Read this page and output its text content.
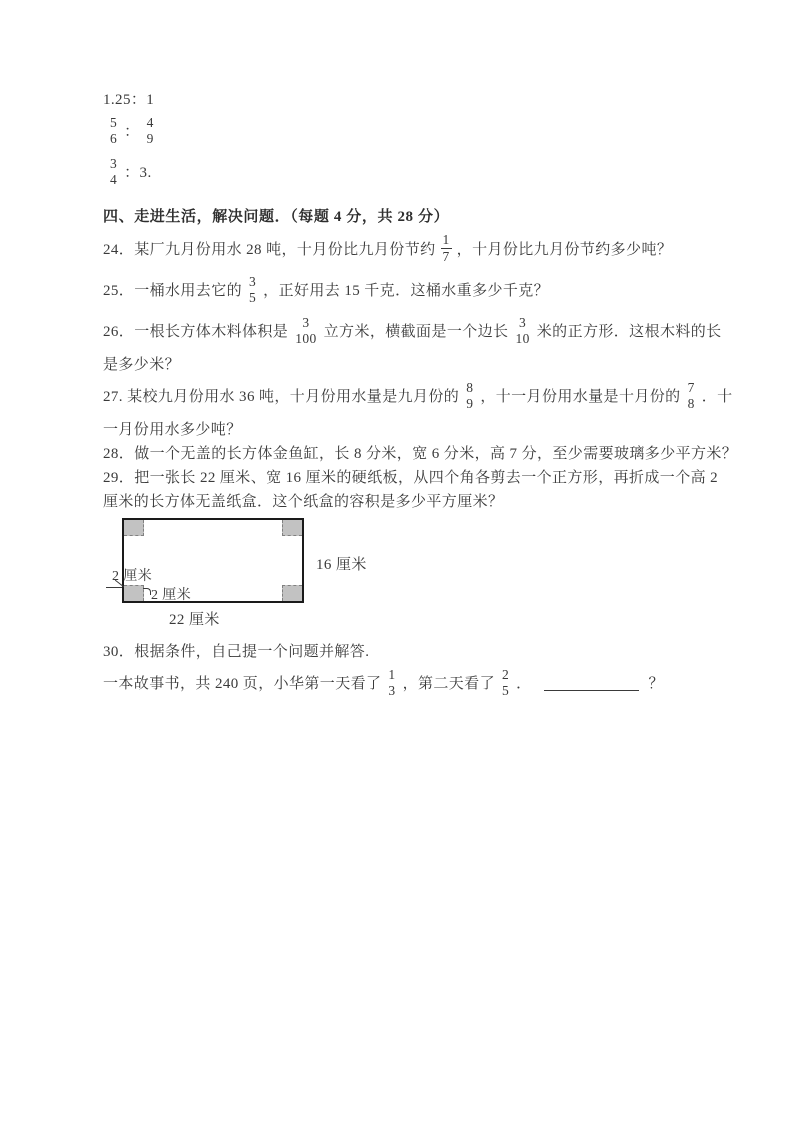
1.25：1
5
6 ：
4
9
3
4 ：3.
四、走进生活，解决问题．（每题 4 分，共 28 分）
24．某厂九月份用水 28 吨，十月份比九月份节约 $\frac{1}{7}$ ，十月份比九月份节约多少吨？
25．一桶水用去它的
3
5 ，正好用去 15 千克．这桶水重多少千克？
26．一根长方体木料体积是
3
100 立方米，横截面是一个边长
3
10 米的正方形．这根木料的长
是多少米？
27. 某校九月份用水 36 吨，十月份用水量是九月份的
8
9 ，十一月份用水量是十月份的
7
8 ．十
一月份用水多少吨？
28．做一个无盖的长方体金鱼缸，长 8 分米，宽 6 分米，高 7 分，至少需要玻璃多少平方米？
29．把一张长 22 厘米、宽 16 厘米的硬纸板，从四个角各剪去一个正方形，再折成一个高 2
厘米的长方体无盖纸盒．这个纸盒的容积是多少平方厘米？
2 厘米
2 厘米
16 厘米
22 厘米
30．根据条件，自己提一个问题并解答.
一本故事书，共 240 页，小华第一天看了
1
3 ，第二天看了
2
5 ．	？
